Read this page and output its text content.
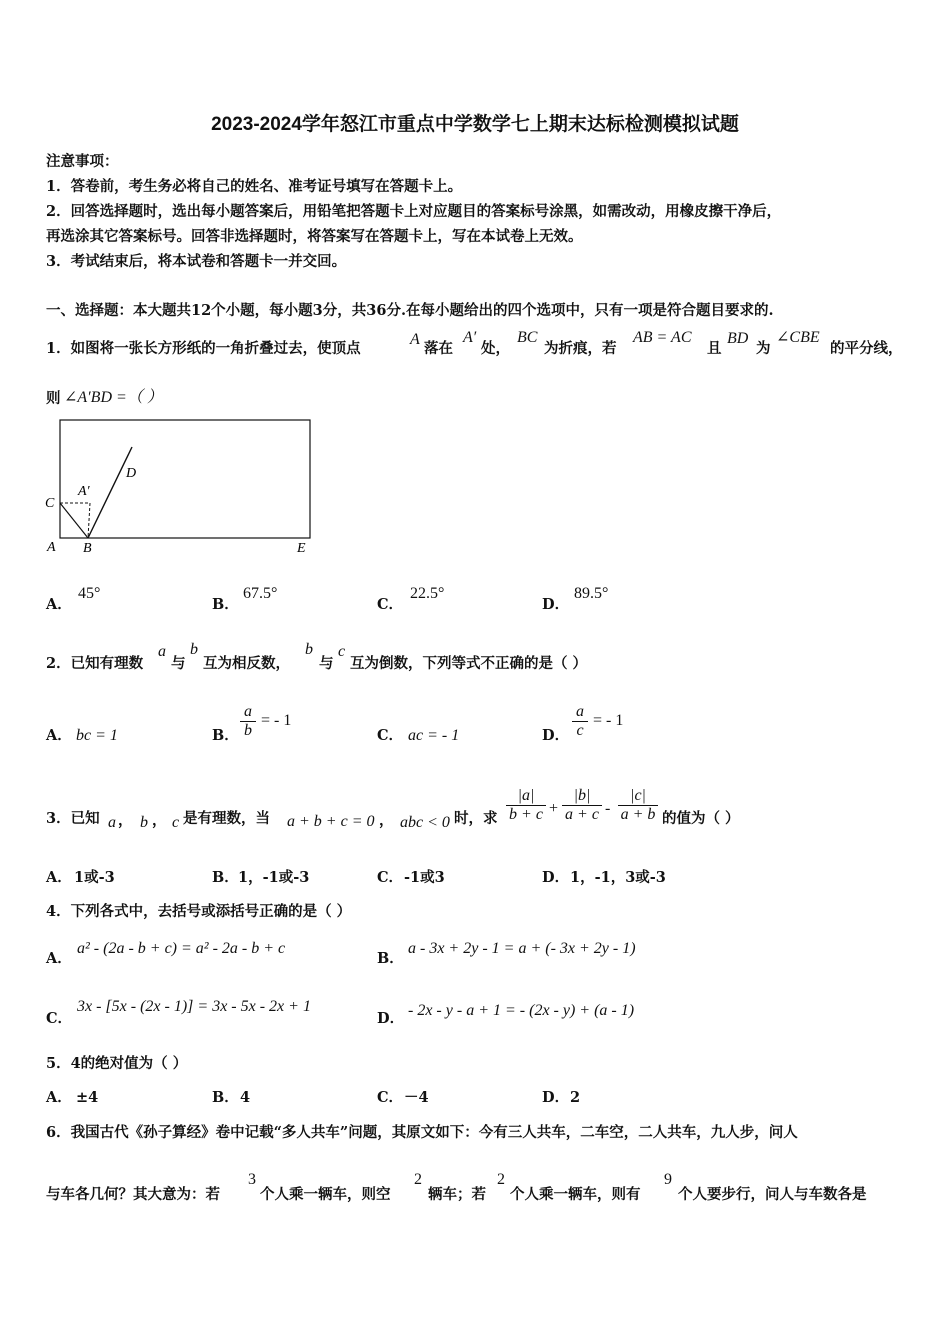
2023-2024学年怒江市重点中学数学七上期末达标检测模拟试题
注意事项：
1．答卷前，考生务必将自己的姓名、准考证号填写在答题卡上。
2．回答选择题时，选出每小题答案后，用铅笔把答题卡上对应题目的答案标号涂黑，如需改动，用橡皮擦干净后，
再选涂其它答案标号。回答非选择题时，将答案写在答题卡上，写在本试卷上无效。
3．考试结束后，将本试卷和答题卡一并交回。
一、选择题：本大题共12个小题，每小题3分，共36分.在每小题给出的四个选项中，只有一项是符合题目要求的.
1．如图将一张长方形纸的一角折叠过去，使顶点
A
落在
A′
处，
BC
为折痕，若
AB = AC
且
BD
为
∠CBE
的平分线，
则 ∠A′BD =（ ）
C
A′
D
A B	E
A．
45°
B．
67.5°
C．
22.5°
D．
89.5°
2．已知有理数
a
与
b
互为相反数，
b
与
c
互为倒数，下列等式不正确的是（ ）
A． bc = 1	B．
a
b
= - 1
C． ac = - 1	D．
a
c
= - 1
3．已知 a ， b ， c 是有理数，当 a + b + c = 0 ， abc < 0 时，求
|a|
b + c +
|b|
a + c -
|c|
a + b 的值为（ ）
A． 1或-3	B． 1，-1或-3	C． -1或3	D． 1，-1，3或-3
4．下列各式中，去括号或添括号正确的是（ ）
A．
a² - (2a - b + c) = a² - 2a - b + c
B．
a - 3x + 2y - 1 = a + (- 3x + 2y - 1)
C．
3x - [5x - (2x - 1)] = 3x - 5x - 2x + 1
D． - 2x - y - a + 1 = - (2x - y) + (a - 1)
5．4的绝对值为（ ）
A． ±4	B． 4	C． －4	D． 2
6．我国古代《孙子算经》卷中记载“多人共车”问题，其原文如下：今有三人共车，二车空，二人共车，九人步，问人
与车各几何？其大意为：若
3
个人乘一辆车，则空
2
辆车；若
2
个人乘一辆车，则有
9
个人要步行，问人与车数各是
